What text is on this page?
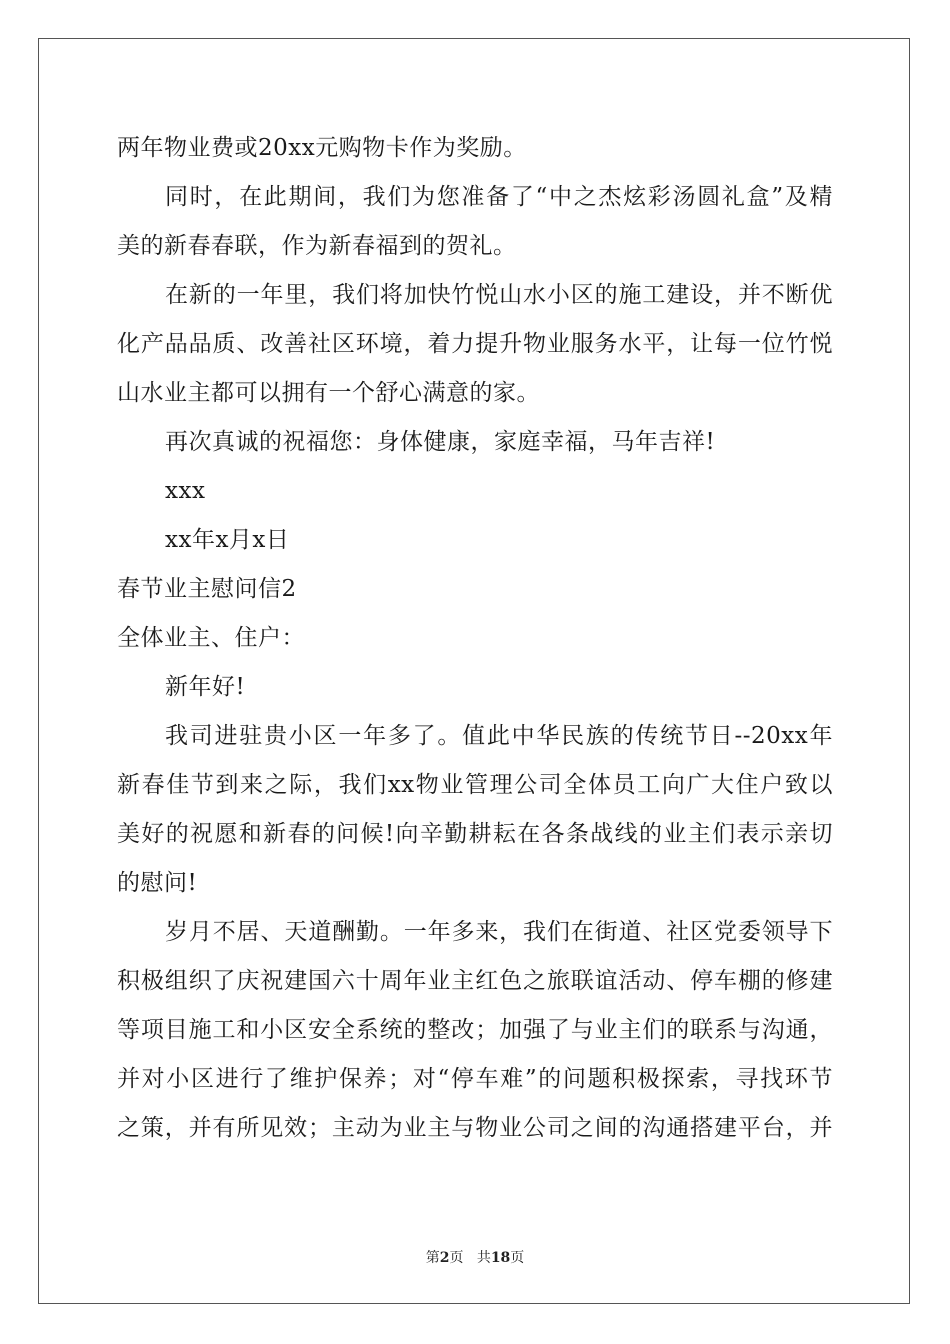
两年物业费或20xx元购物卡作为奖励。
同时，在此期间，我们为您准备了“中之杰炫彩汤圆礼盒”及精
美的新春春联，作为新春福到的贺礼。
在新的一年里，我们将加快竹悦山水小区的施工建设，并不断优
化产品品质、改善社区环境，着力提升物业服务水平，让每一位竹悦
山水业主都可以拥有一个舒心满意的家。
再次真诚的祝福您：身体健康，家庭幸福，马年吉祥!
xxx
xx年x月x日
春节业主慰问信2
全体业主、住户：
新年好!
我司进驻贵小区一年多了。值此中华民族的传统节日--20xx年
新春佳节到来之际，我们xx物业管理公司全体员工向广大住户致以
美好的祝愿和新春的问候!向辛勤耕耘在各条战线的业主们表示亲切
的慰问!
岁月不居、天道酬勤。一年多来，我们在街道、社区党委领导下
积极组织了庆祝建国六十周年业主红色之旅联谊活动、停车棚的修建
等项目施工和小区安全系统的整改；加强了与业主们的联系与沟通，
并对小区进行了维护保养；对“停车难”的问题积极探索，寻找环节
之策，并有所见效；主动为业主与物业公司之间的沟通搭建平台，并
第2页 共18页
